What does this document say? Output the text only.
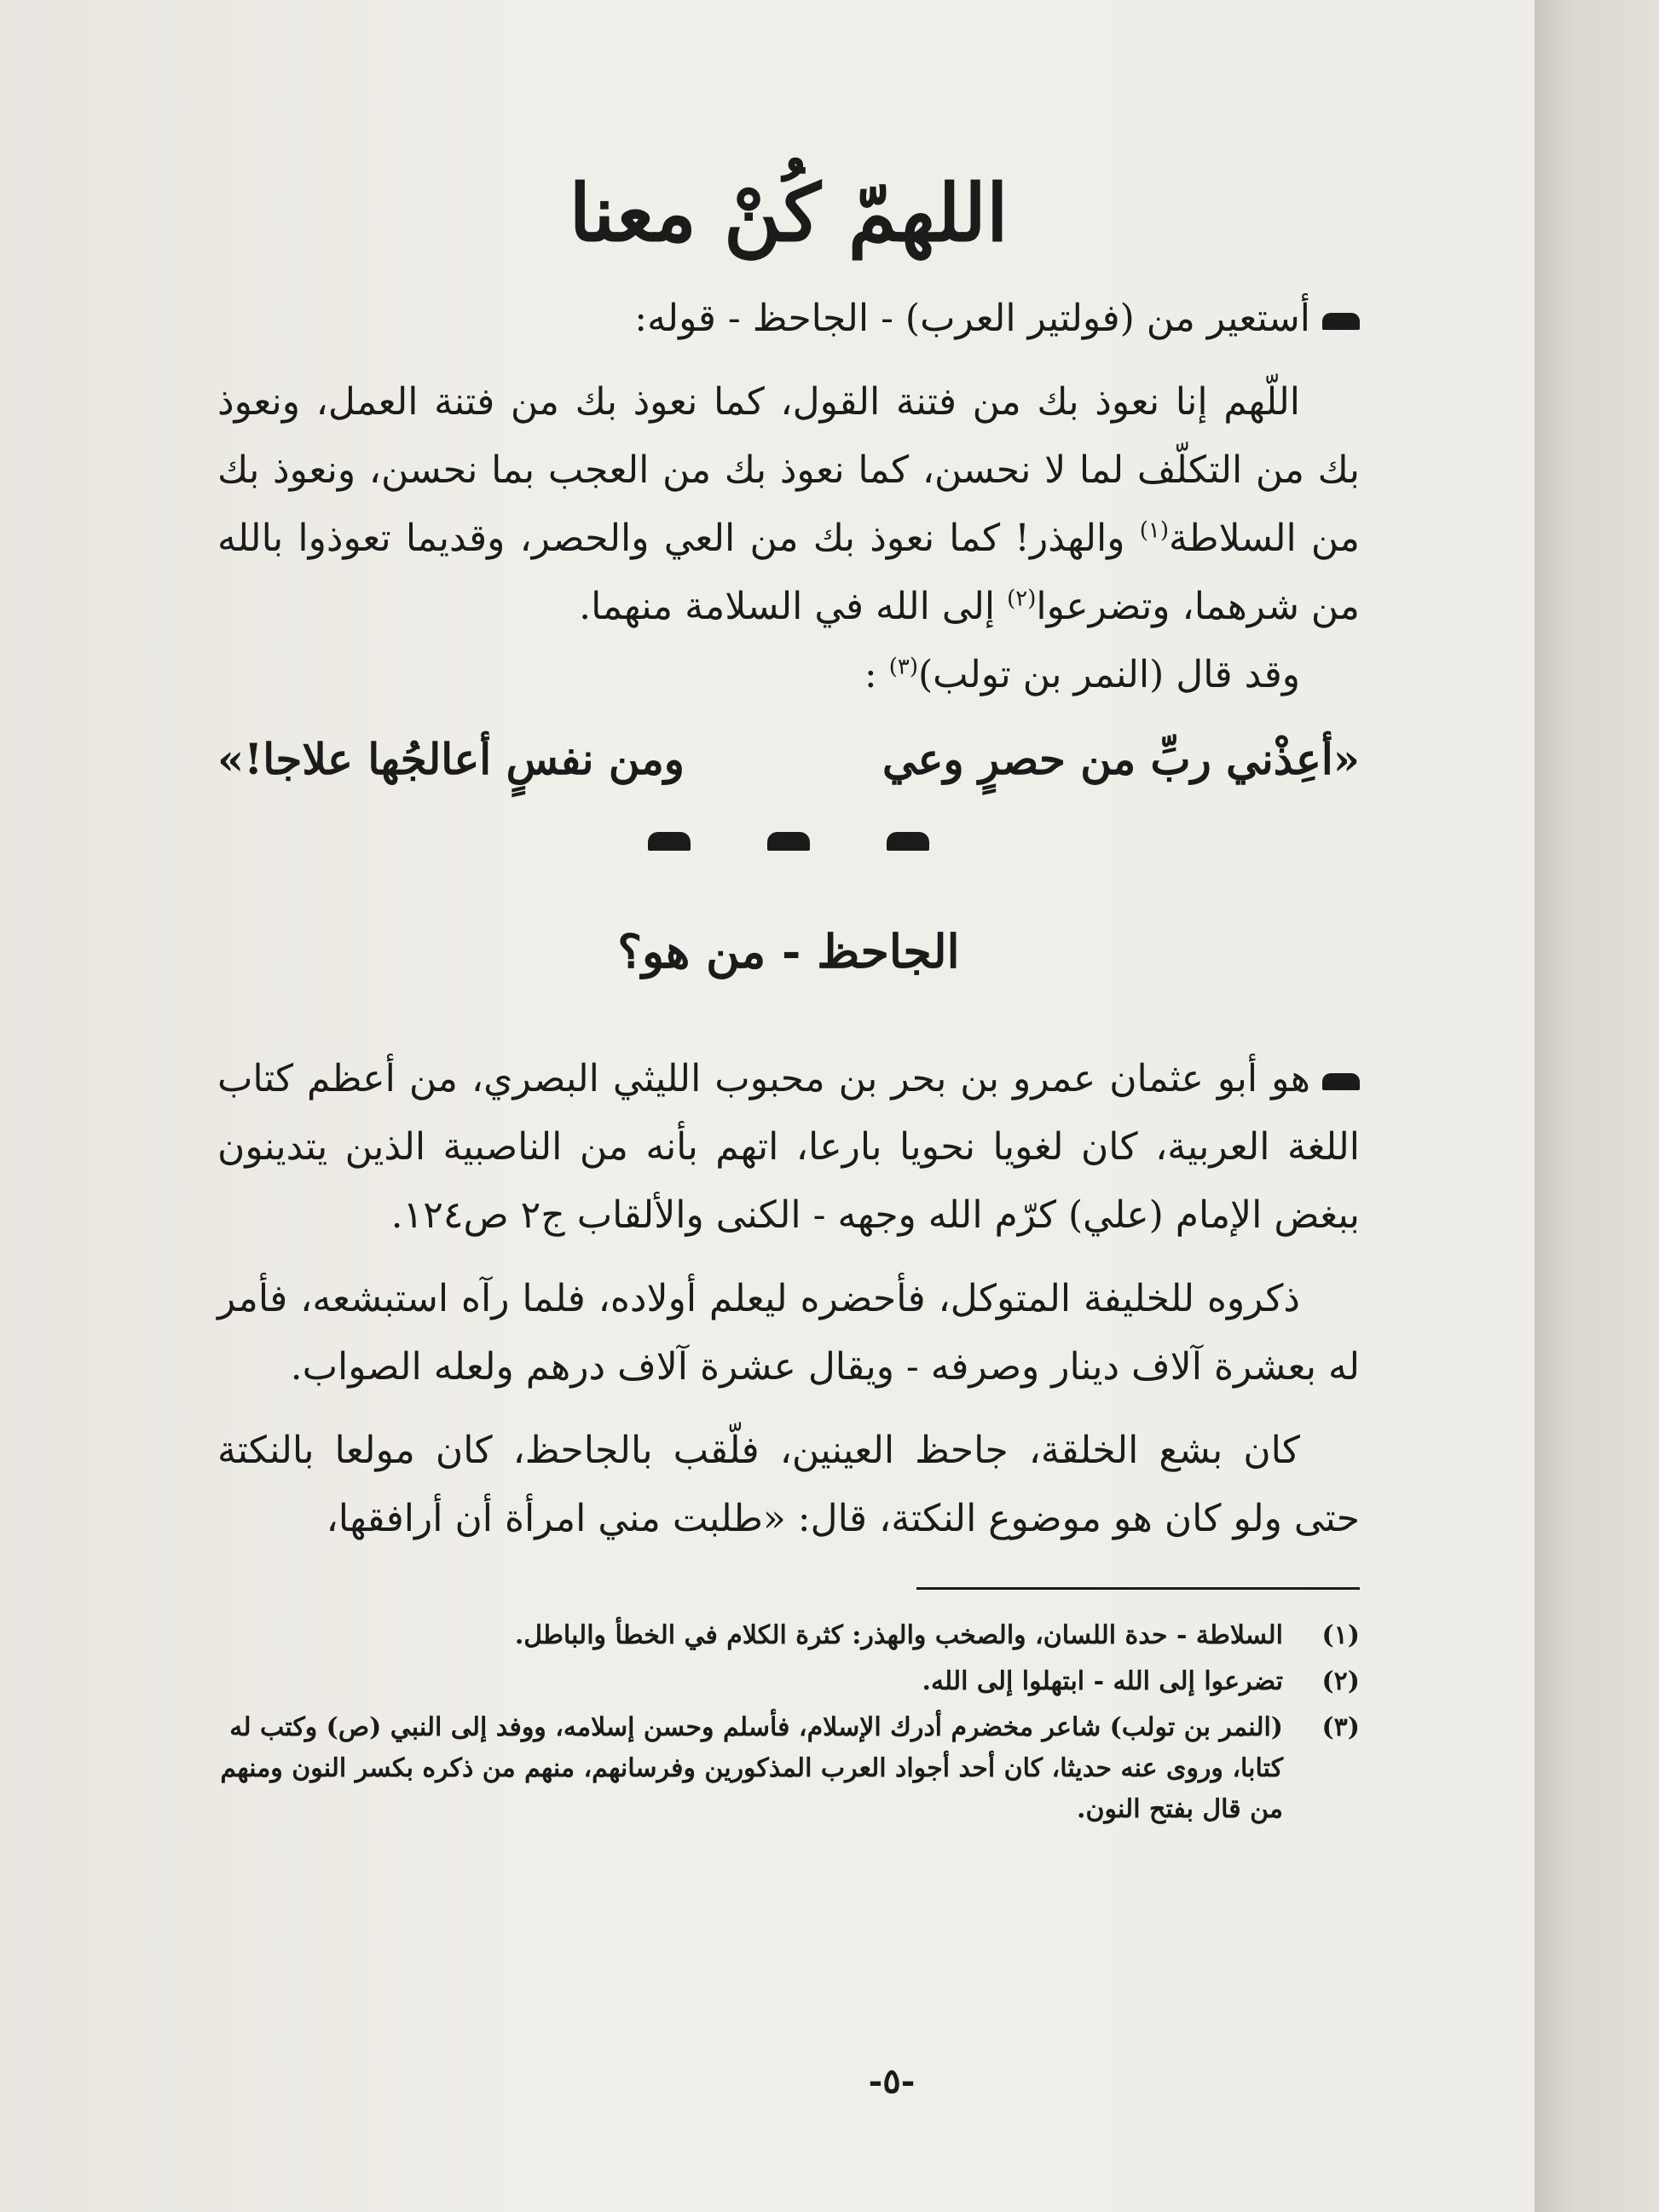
اللهمّ كُنْ معنا

أستعير من (فولتير العرب) - الجاحظ - قوله:

اللّهم إنا نعوذ بك من فتنة القول، كما نعوذ بك من فتنة العمل، ونعوذ بك من التكلّف لما لا نحسن، كما نعوذ بك من العجب بما نحسن، ونعوذ بك من السلاطة$^{(١)}$ والهذر! كما نعوذ بك من العي والحصر، وقديما تعوذوا بالله من شرهما، وتضرعوا$^{(٢)}$ إلى الله في السلامة منهما.

وقد قال (النمر بن تولب)$^{(٣)}$ :

«أعِذْني ربِّ من حصرٍ وعي
ومن نفسٍ أعالجُها علاجا!»
الجاحظ - من هو؟

هو أبو عثمان عمرو بن بحر بن محبوب الليثي البصري، من أعظم كتاب اللغة العربية، كان لغويا نحويا بارعا، اتهم بأنه من الناصبية الذين يتدينون ببغض الإمام (علي) كرّم الله وجهه - الكنى والألقاب ج٢ ص١٢٤.

ذكروه للخليفة المتوكل، فأحضره ليعلم أولاده، فلما رآه استبشعه، فأمر له بعشرة آلاف دينار وصرفه - ويقال عشرة آلاف درهم ولعله الصواب.

كان بشع الخلقة، جاحظ العينين، فلّقب بالجاحظ، كان مولعا بالنكتة حتى ولو كان هو موضوع النكتة، قال: «طلبت مني امرأة أن أرافقها،

(١)
السلاطة - حدة اللسان، والصخب والهذر: كثرة الكلام في الخطأ والباطل.
(٢)
تضرعوا إلى الله - ابتهلوا إلى الله.
(٣)
(النمر بن تولب) شاعر مخضرم أدرك الإسلام، فأسلم وحسن إسلامه، ووفد إلى النبي (ص) وكتب له كتابا، وروى عنه حديثا، كان أحد أجواد العرب المذكورين وفرسانهم، منهم من ذكره بكسر النون ومنهم من قال بفتح النون.
-٥-
